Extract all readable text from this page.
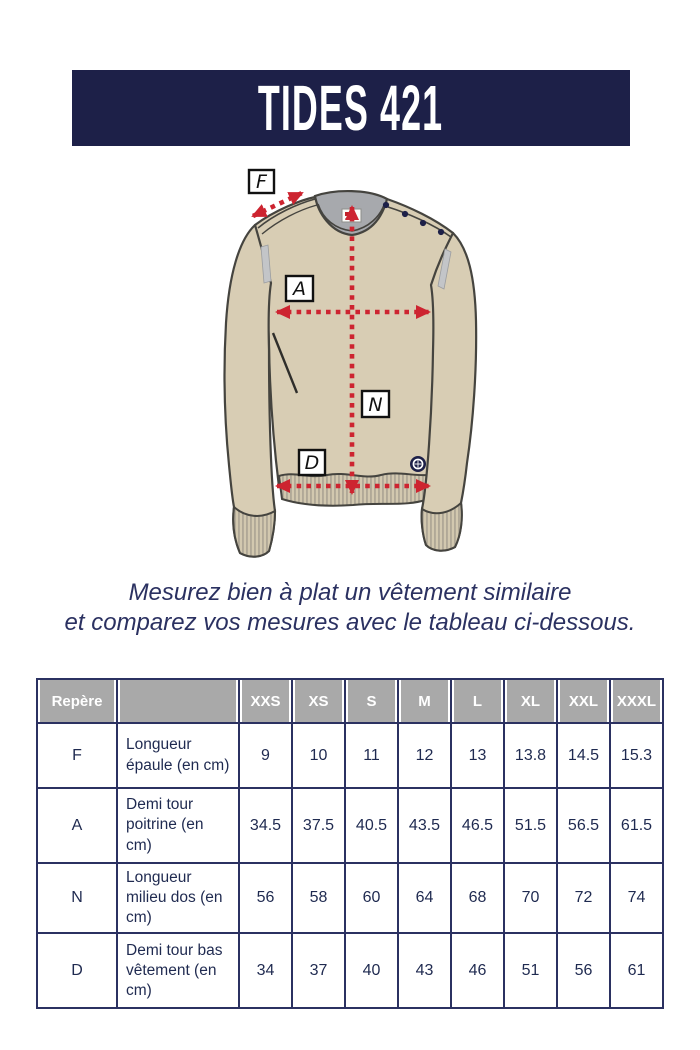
TIDES 421
F
A
N
D

Mesurez bien à plat un vêtement similaire
et comparez vos mesures avec le tableau ci-dessous.

Repère		XXS	XS	S	M	L	XL	XXL	XXXL
F	Longueur épaule (en cm)	9	10	11	12	13	13.8	14.5	15.3
A	Demi tour poitrine (en cm)	34.5	37.5	40.5	43.5	46.5	51.5	56.5	61.5
N	Longueur milieu dos (en cm)	56	58	60	64	68	70	72	74
D	Demi tour bas vêtement (en cm)	34	37	40	43	46	51	56	61
